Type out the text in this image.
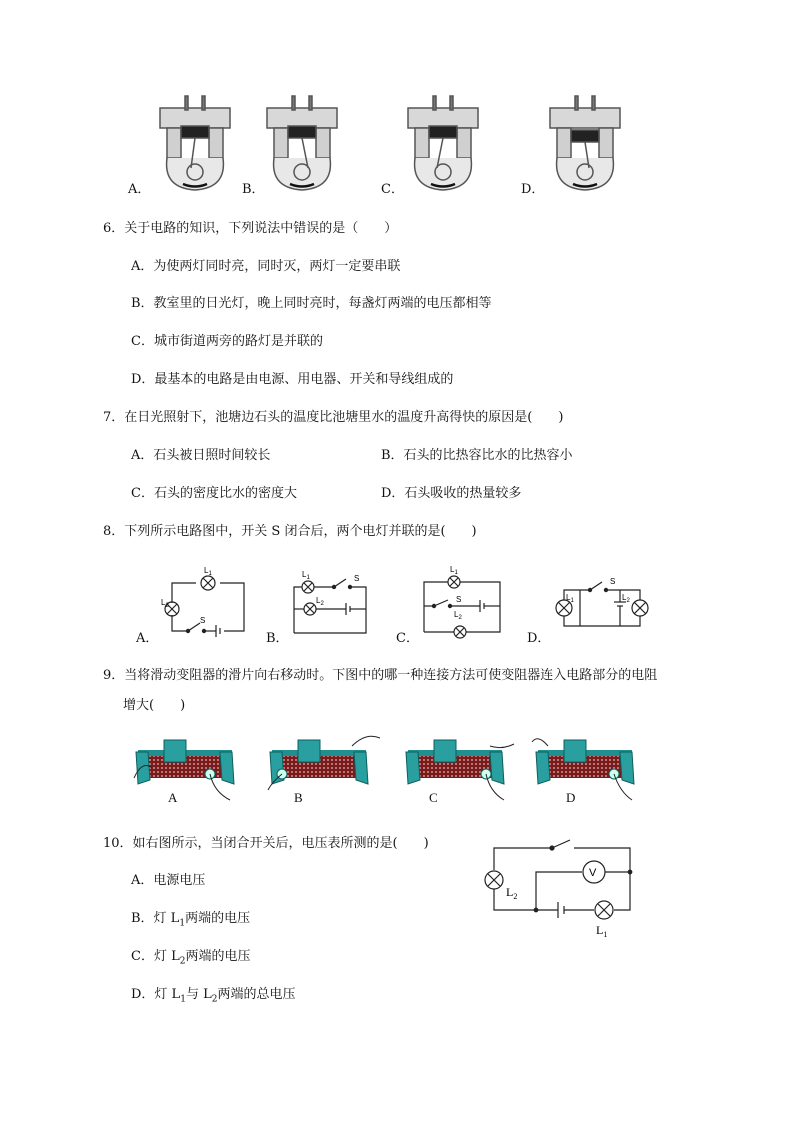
A．	B．	C．	D．
6．关于电路的知识，下列说法中错误的是（　　）
A．为使两灯同时亮，同时灭，两灯一定要串联
B．教室里的日光灯，晚上同时亮时，每盏灯两端的电压都相等
C．城市街道两旁的路灯是并联的
D．最基本的电路是由电源、用电器、开关和导线组成的
7．在日光照射下，池塘边石头的温度比池塘里水的温度升高得快的原因是(　　)
A．石头被日照时间较长	B．石头的比热容比水的比热容小
C．石头的密度比水的密度大	D．石头吸收的热量较多
8．下列所示电路图中，开关 S 闭合后，两个电灯并联的是(　　)
$L_1$
$L_2$
S
A．
$L_1$
$L_2$
S
B．
$L_1$
$L_2$
S
C．
$L_1$	$L_2$
S
D．
9．当将滑动变阻器的滑片向右移动时。下图中的哪一种连接方法可使变阻器连入电路部分的电阻
增大(　　)
A	B	C	D
10．如右图所示，当闭合开关后，电压表所测的是(　　)
A．电源电压
B．灯 $L_1$两端的电压
C．灯 $L_2$两端的电压
D．灯 $L_1$与 $L_2$两端的总电压
V
$L_2$
$L_1$
